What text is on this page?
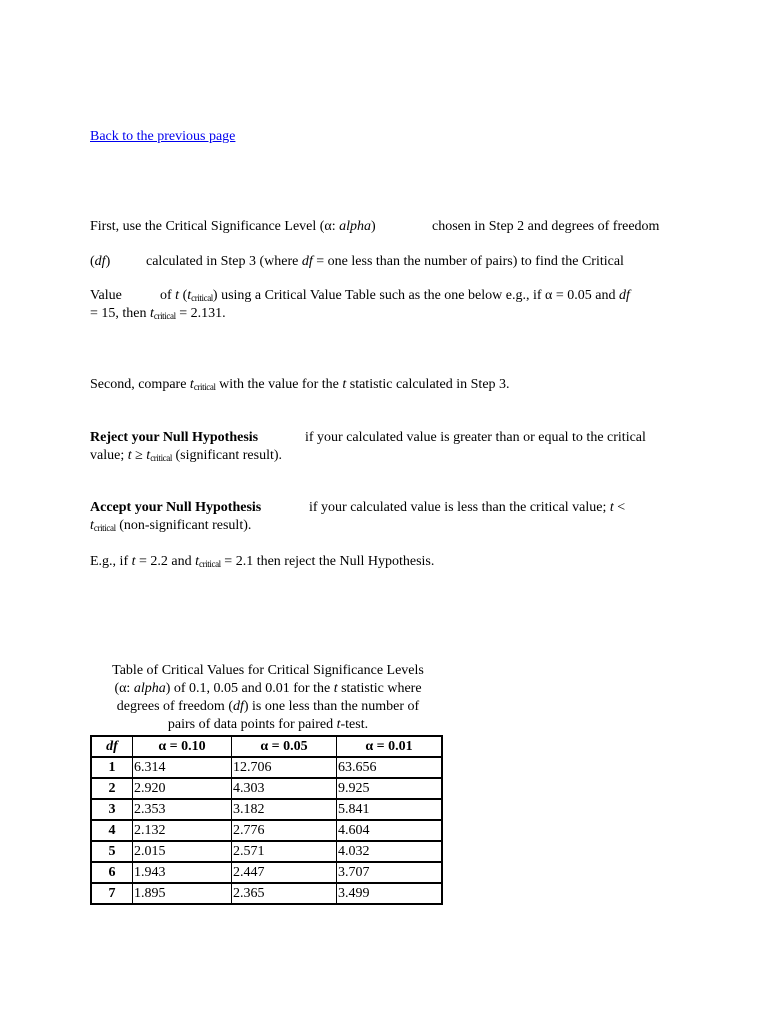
Back to the previous page
First, use the Critical Significance Level (α: alpha)	chosen in Step 2 and degrees of freedom
(df)	calculated in Step 3 (where df = one less than the number of pairs) to find the Critical
Value	of t $(t_{critical})$ using a Critical Value Table such as the one below e.g., if α = 0.05 and df
= 15, then $t_{critical} = 2.131$.
Second, compare $t_{critical}$ with the value for the t statistic calculated in Step 3.
Reject your Null Hypothesis	if your calculated value is greater than or equal to the critical
value; $t \ge t_{critical}$ (significant result).
Accept your Null Hypothesis	if your calculated value is less than the critical value; t <
$t_{critical}$ (non-significant result).
E.g., if t = 2.2 and $t_{critical} = 2.1$ then reject the Null Hypothesis.
Table of Critical Values for Critical Significance Levels
(α: alpha) of 0.1, 0.05 and 0.01 for the t statistic where
degrees of freedom (df) is one less than the number of
pairs of data points for paired t-test.
df	α = 0.10	α = 0.05	α = 0.01
1	6.314	12.706	63.656
2	2.920	4.303	9.925
3	2.353	3.182	5.841
4	2.132	2.776	4.604
5	2.015	2.571	4.032
6	1.943	2.447	3.707
7	1.895	2.365	3.499
